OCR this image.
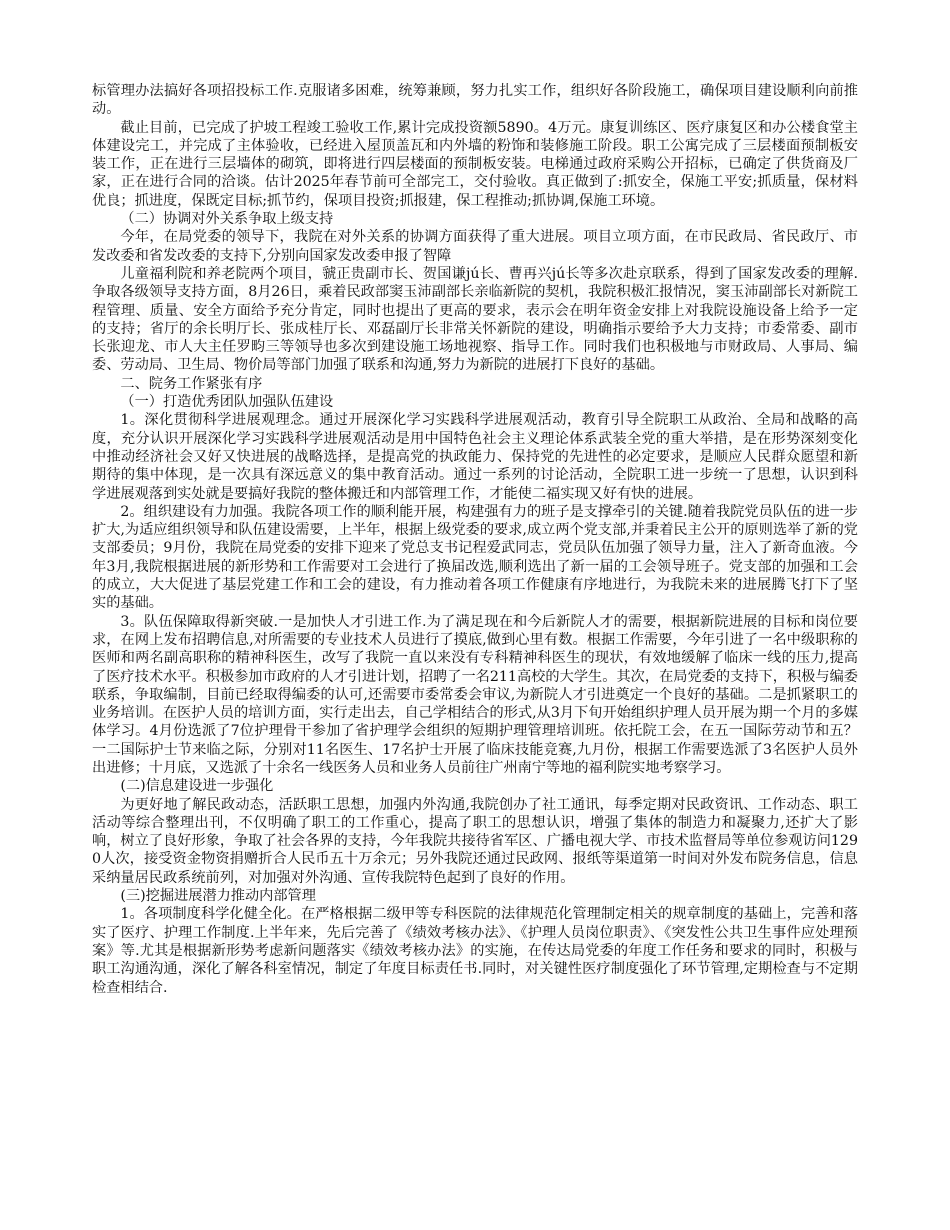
标管理办法搞好各项招投标工作.克服诸多困难，统筹兼顾，努力扎实工作，组织好各阶段施工，确保项目建设顺利向前推动。

截止目前，已完成了护坡工程竣工验收工作,累计完成投资额5890。4万元。康复训练区、医疗康复区和办公楼食堂主体建设完工，并完成了主体验收，已经进入屋顶盖瓦和内外墙的粉饰和装修施工阶段。职工公寓完成了三层楼面预制板安装工作，正在进行三层墙体的砌筑，即将进行四层楼面的预制板安装。电梯通过政府采购公开招标，已确定了供货商及厂家，正在进行合同的洽谈。估计2025年春节前可全部完工，交付验收。真正做到了:抓安全，保施工平安;抓质量，保材料优良；抓进度，保既定目标;抓节约，保项目投资;抓报建，保工程推动;抓协调,保施工环境。

（二）协调对外关系争取上级支持

今年，在局党委的领导下，我院在对外关系的协调方面获得了重大进展。项目立项方面，在市民政局、省民政厅、市发改委和省发改委的支持下,分别向国家发改委申报了智障

儿童福利院和养老院两个项目，虢正贵副市长、贺国谦jú长、曹再兴jú长等多次赴京联系，得到了国家发改委的理解.争取各级领导支持方面，8月26日，乘着民政部窦玉沛副部长亲临新院的契机，我院积极汇报情况，窦玉沛副部长对新院工程管理、质量、安全方面给予充分肯定，同时也提出了更高的要求，表示会在明年资金安排上对我院设施设备上给予一定的支持；省厅的余长明厅长、张成桂厅长、邓磊副厅长非常关怀新院的建设，明确指示要给予大力支持；市委常委、副市长张迎龙、市人大主任罗畇三等领导也多次到建设施工场地视察、指导工作。同时我们也积极地与市财政局、人事局、编委、劳动局、卫生局、物价局等部门加强了联系和沟通,努力为新院的进展打下良好的基础。

二、院务工作紧张有序

（一）打造优秀团队加强队伍建设

1。深化贯彻科学进展观理念。通过开展深化学习实践科学进展观活动，教育引导全院职工从政治、全局和战略的高度，充分认识开展深化学习实践科学进展观活动是用中国特色社会主义理论体系武装全党的重大举措，是在形势深刻变化中推动经济社会又好又快进展的战略选择，是提高党的执政能力、保持党的先进性的必定要求，是顺应人民群众愿望和新期待的集中体现，是一次具有深远意义的集中教育活动。通过一系列的讨论活动，全院职工进一步统一了思想，认识到科学进展观落到实处就是要搞好我院的整体搬迁和内部管理工作，才能使二福实现又好有快的进展。

2。组织建设有力加强。我院各项工作的顺利能开展，构建强有力的班子是支撑牵引的关键.随着我院党员队伍的进一步扩大,为适应组织领导和队伍建设需要，上半年，根据上级党委的要求,成立两个党支部,并秉着民主公开的原则选举了新的党支部委员；9月份，我院在局党委的安排下迎来了党总支书记程爱武同志，党员队伍加强了领导力量，注入了新奇血液。今年3月,我院根据进展的新形势和工作需要对工会进行了换届改选,顺利选出了新一届的工会领导班子。党支部的加强和工会的成立，大大促进了基层党建工作和工会的建设，有力推动着各项工作健康有序地进行，为我院未来的进展腾飞打下了坚实的基础。

3。队伍保障取得新突破.一是加快人才引进工作.为了满足现在和今后新院人才的需要，根据新院进展的目标和岗位要求，在网上发布招聘信息,对所需要的专业技术人员进行了摸底,做到心里有数。根据工作需要，今年引进了一名中级职称的医师和两名副高职称的精神科医生，改写了我院一直以来没有专科精神科医生的现状，有效地缓解了临床一线的压力,提高了医疗技术水平。积极参加市政府的人才引进计划，招聘了一名211高校的大学生。其次，在局党委的支持下，积极与编委联系，争取编制，目前已经取得编委的认可,还需要市委常委会审议,为新院人才引进奠定一个良好的基础。二是抓紧职工的业务培训。在医护人员的培训方面，实行走出去，自己学相结合的形式,从3月下旬开始组织护理人员开展为期一个月的多媒体学习。4月份选派了7位护理骨干参加了省护理学会组织的短期护理管理培训班。依托院工会，在五一国际劳动节和五？一二国际护士节来临之际，分别对11名医生、17名护士开展了临床技能竞赛,九月份，根据工作需要选派了3名医护人员外出进修；十月底，又选派了十余名一线医务人员和业务人员前往广州南宁等地的福利院实地考察学习。

(二)信息建设进一步强化

为更好地了解民政动态，活跃职工思想，加强内外沟通,我院创办了社工通讯，每季定期对民政资讯、工作动态、职工活动等综合整理出刊，不仅明确了职工的工作重心，提高了职工的思想认识，增强了集体的制造力和凝聚力,还扩大了影响，树立了良好形象，争取了社会各界的支持，今年我院共接待省军区、广播电视大学、市技术监督局等单位参观访问1290人次，接受资金物资捐赠折合人民币五十万余元；另外我院还通过民政网、报纸等渠道第一时间对外发布院务信息，信息采纳量居民政系统前列，对加强对外沟通、宣传我院特色起到了良好的作用。

(三)挖掘进展潜力推动内部管理

1。各项制度科学化健全化。在严格根据二级甲等专科医院的法律规范化管理制定相关的规章制度的基础上，完善和落实了医疗、护理工作制度.上半年来，先后完善了《绩效考核办法》、《护理人员岗位职责》、《突发性公共卫生事件应处理预案》等.尤其是根据新形势考虑新问题落实《绩效考核办法》的实施，在传达局党委的年度工作任务和要求的同时，积极与职工沟通沟通，深化了解各科室情况，制定了年度目标责任书.同时，对关键性医疗制度强化了环节管理,定期检查与不定期检查相结合.
